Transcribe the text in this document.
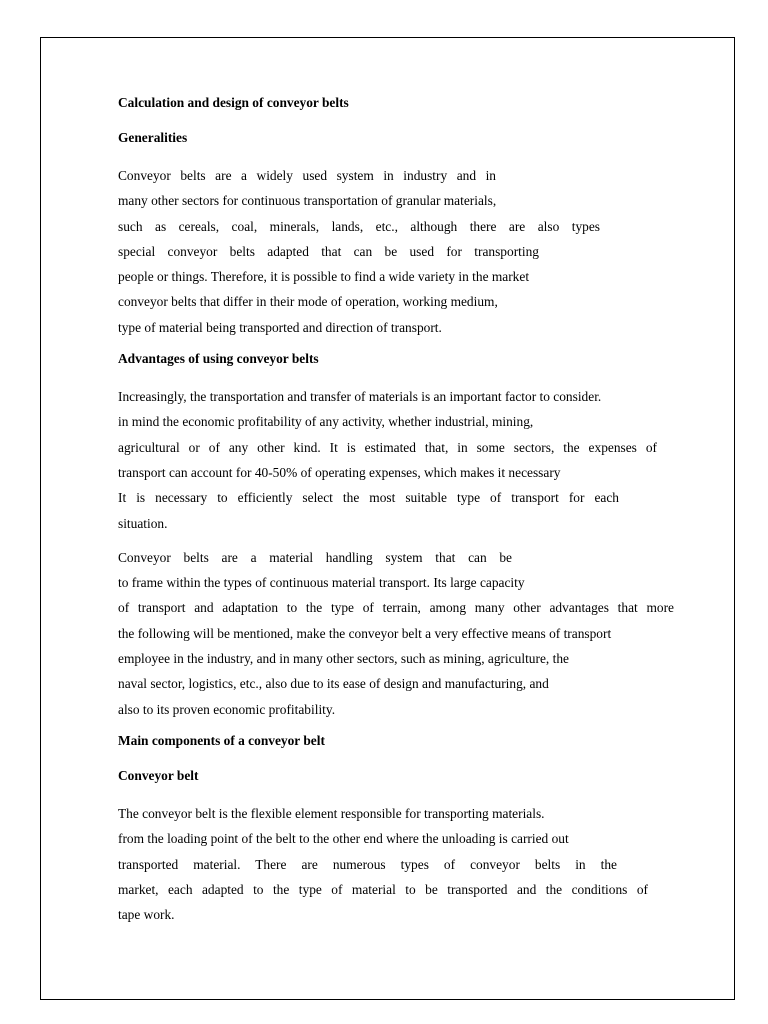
Calculation and design of conveyor belts
Generalities
Conveyor belts are a widely used system in industry and in
many other sectors for continuous transportation of granular materials,
such as cereals, coal, minerals, lands, etc., although there are also types
special conveyor belts adapted that can be used for transporting
people or things. Therefore, it is possible to find a wide variety in the market
conveyor belts that differ in their mode of operation, working medium,
type of material being transported and direction of transport.
Advantages of using conveyor belts
Increasingly, the transportation and transfer of materials is an important factor to consider.
in mind the economic profitability of any activity, whether industrial, mining,
agricultural or of any other kind. It is estimated that, in some sectors, the expenses of
transport can account for 40-50% of operating expenses, which makes it necessary
It is necessary to efficiently select the most suitable type of transport for each
situation.
Conveyor belts are a material handling system that can be
to frame within the types of continuous material transport. Its large capacity
of transport and adaptation to the type of terrain, among many other advantages that more
the following will be mentioned, make the conveyor belt a very effective means of transport
employee in the industry, and in many other sectors, such as mining, agriculture, the
naval sector, logistics, etc., also due to its ease of design and manufacturing, and
also to its proven economic profitability.
Main components of a conveyor belt
Conveyor belt
The conveyor belt is the flexible element responsible for transporting materials.
from the loading point of the belt to the other end where the unloading is carried out
transported material. There are numerous types of conveyor belts in the
market, each adapted to the type of material to be transported and the conditions of
tape work.
